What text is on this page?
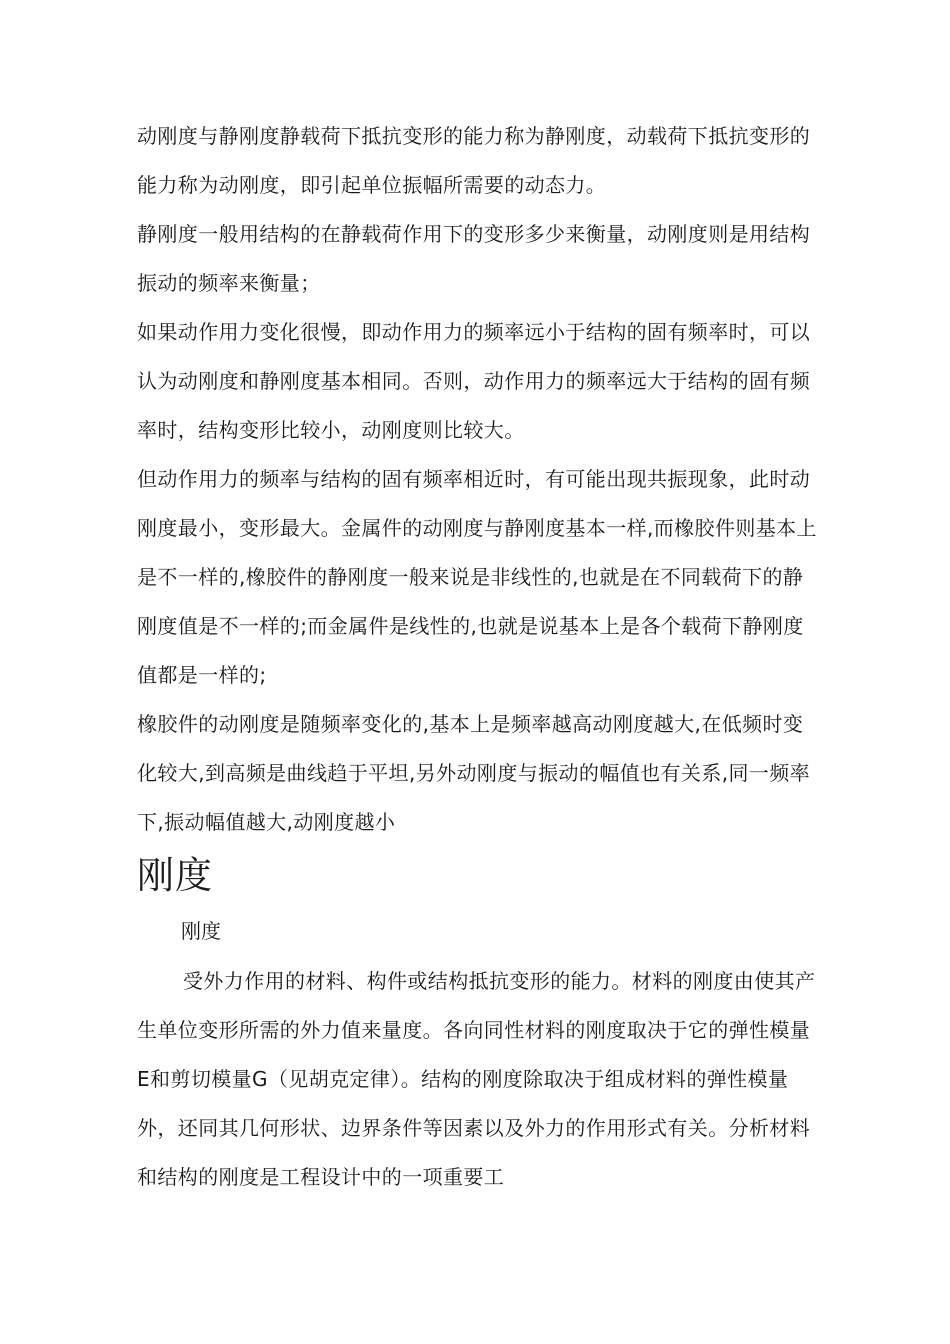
动刚度与静刚度静载荷下抵抗变形的能力称为静刚度，动载荷下抵抗变形的能力称为动刚度，即引起单位振幅所需要的动态力。

静刚度一般用结构的在静载荷作用下的变形多少来衡量，动刚度则是用结构振动的频率来衡量；

如果动作用力变化很慢，即动作用力的频率远小于结构的固有频率时，可以认为动刚度和静刚度基本相同。否则，动作用力的频率远大于结构的固有频率时，结构变形比较小，动刚度则比较大。

但动作用力的频率与结构的固有频率相近时，有可能出现共振现象，此时动刚度最小，变形最大。金属件的动刚度与静刚度基本一样,而橡胶件则基本上是不一样的,橡胶件的静刚度一般来说是非线性的,也就是在不同载荷下的静刚度值是不一样的;而金属件是线性的,也就是说基本上是各个载荷下静刚度值都是一样的;

橡胶件的动刚度是随频率变化的,基本上是频率越高动刚度越大,在低频时变化较大,到高频是曲线趋于平坦,另外动刚度与振动的幅值也有关系,同一频率下,振动幅值越大,动刚度越小

刚度

刚度

受外力作用的材料、构件或结构抵抗变形的能力。材料的刚度由使其产生单位变形所需的外力值来量度。各向同性材料的刚度取决于它的弹性模量E和剪切模量G（见胡克定律）。结构的刚度除取决于组成材料的弹性模量外，还同其几何形状、边界条件等因素以及外力的作用形式有关。分析材料和结构的刚度是工程设计中的一项重要工
